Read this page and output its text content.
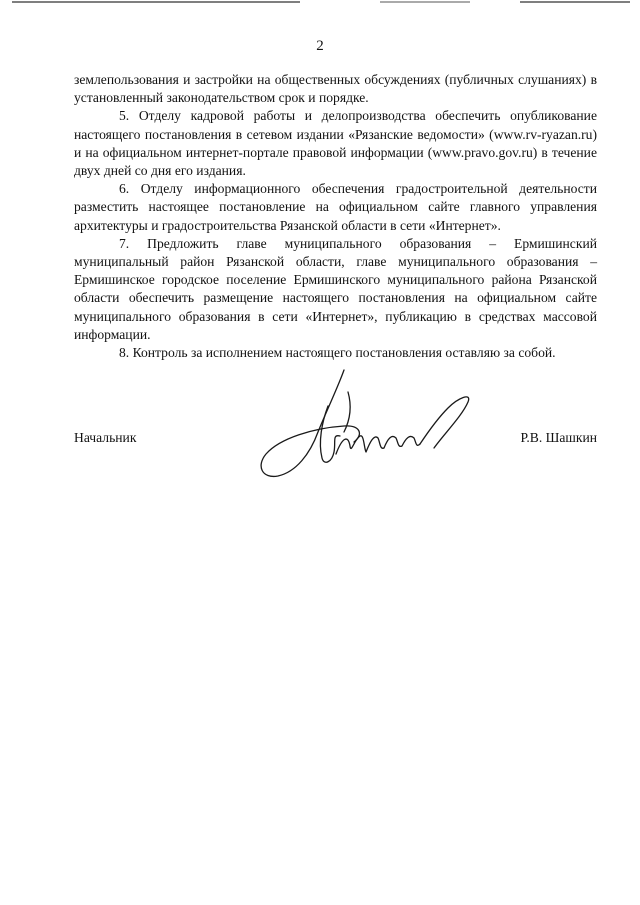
2

землепользования и застройки на общественных обсуждениях (публичных слушаниях) в установленный законодательством срок и порядке.

5. Отделу кадровой работы и делопроизводства обеспечить опубликование настоящего постановления в сетевом издании «Рязанские ведомости» (www.rv-ryazan.ru) и на официальном интернет-портале правовой информации (www.pravo.gov.ru) в течение двух дней со дня его издания.

6. Отделу информационного обеспечения градостроительной деятельности разместить настоящее постановление на официальном сайте главного управления архитектуры и градостроительства Рязанской области в сети «Интернет».

7. Предложить главе муниципального образования – Ермишинский муниципальный район Рязанской области, главе муниципального образования – Ермишинское городское поселение Ермишинского муниципального района Рязанской области обеспечить размещение настоящего постановления на официальном сайте муниципального образования в сети «Интернет», публикацию в средствах массовой информации.

8. Контроль за исполнением настоящего постановления оставляю за собой.

Начальник	Р.В. Шашкин
